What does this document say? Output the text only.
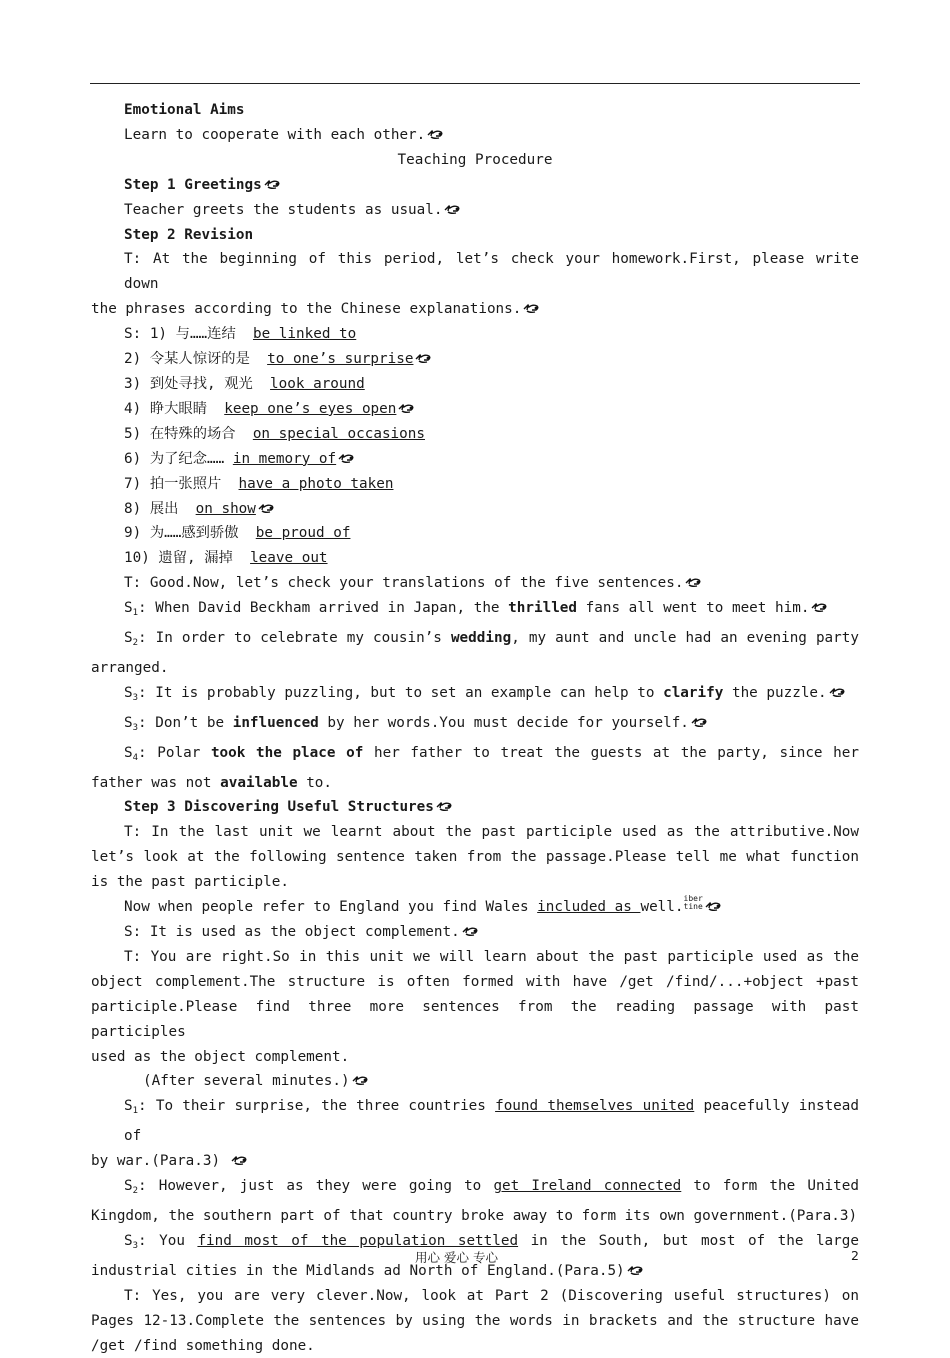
Emotional Aims
Learn to cooperate with each other.
Teaching Procedure
Step 1 Greetings
Teacher greets the students as usual.
Step 2 Revision
T: At the beginning of this period, let’s check your homework.First, please write down
the phrases according to the Chinese explanations.
S: 1) 与……连结 be linked to
2) 令某人惊讶的是 to one’s surprise
3) 到处寻找, 观光 look around
4) 睁大眼睛 keep one’s eyes open
5) 在特殊的场合 on special occasions
6) 为了纪念…… in memory of
7) 拍一张照片 have a photo taken
8) 展出 on show
9) 为……感到骄傲 be proud of
10) 遗留, 漏掉 leave out
T: Good.Now, let’s check your translations of the five sentences.
$S_1$: When David Beckham arrived in Japan, the thrilled fans all went to meet him.
$S_2$: In order to celebrate my cousin’s wedding, my aunt and uncle had an evening party
arranged.
$S_3$: It is probably puzzling, but to set an example can help to clarify the puzzle.
$S_3$: Don’t be influenced by her words.You must decide for yourself.
$S_4$: Polar took the place of her father to treat the guests at the party, since her
father was not available to.
Step 3 Discovering Useful Structures
T: In the last unit we learnt about the past participle used as the attributive.Now
let’s look at the following sentence taken from the passage.Please tell me what function
is the past participle.
Now when people refer to England you find Wales included as well.iber
tine
S: It is used as the object complement.
T: You are right.So in this unit we will learn about the past participle used as the
object complement.The structure is often formed with have /get /find/...+object +past
participle.Please find three more sentences from the reading passage with past participles
used as the object complement.
(After several minutes.)
$S_1$: To their surprise, the three countries found themselves united peacefully instead of
by war.(Para.3)
$S_2$: However, just as they were going to get Ireland connected to form the United
Kingdom, the southern part of that country broke away to form its own government.(Para.3)
$S_3$: You find most of the population settled in the South, but most of the large
industrial cities in the Midlands ad North of England.(Para.5)
T: Yes, you are very clever.Now, look at Part 2 (Discovering useful structures) on
Pages 12-13.Complete the sentences by using the words in brackets and the structure have
/get /find something done.
用心 爱心 专心	2
